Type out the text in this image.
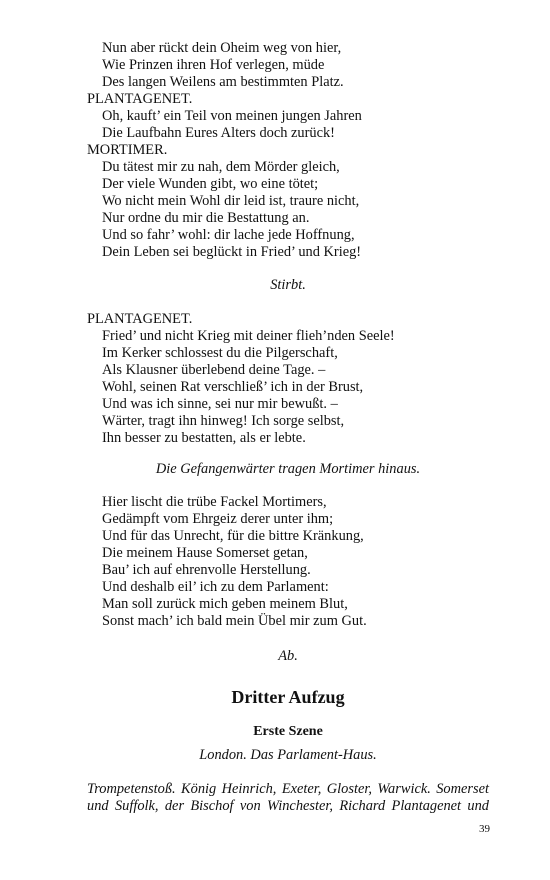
Nun aber rückt dein Oheim weg von hier,
Wie Prinzen ihren Hof verlegen, müde
Des langen Weilens am bestimmten Platz.
PLANTAGENET.
Oh, kauft’ ein Teil von meinen jungen Jahren
Die Laufbahn Eures Alters doch zurück!
MORTIMER.
Du tätest mir zu nah, dem Mörder gleich,
Der viele Wunden gibt, wo eine tötet;
Wo nicht mein Wohl dir leid ist, traure nicht,
Nur ordne du mir die Bestattung an.
Und so fahr’ wohl: dir lache jede Hoffnung,
Dein Leben sei beglückt in Fried’ und Krieg!
Stirbt.
PLANTAGENET.
Fried’ und nicht Krieg mit deiner flieh’nden Seele!
Im Kerker schlossest du die Pilgerschaft,
Als Klausner überlebend deine Tage. –
Wohl, seinen Rat verschließ’ ich in der Brust,
Und was ich sinne, sei nur mir bewußt. –
Wärter, tragt ihn hinweg! Ich sorge selbst,
Ihn besser zu bestatten, als er lebte.
Die Gefangenwärter tragen Mortimer hinaus.
Hier lischt die trübe Fackel Mortimers,
Gedämpft vom Ehrgeiz derer unter ihm;
Und für das Unrecht, für die bittre Kränkung,
Die meinem Hause Somerset getan,
Bau’ ich auf ehrenvolle Herstellung.
Und deshalb eil’ ich zu dem Parlament:
Man soll zurück mich geben meinem Blut,
Sonst mach’ ich bald mein Übel mir zum Gut.
Ab.
Dritter Aufzug
Erste Szene
London. Das Parlament-Haus.
Trompetenstoß. König Heinrich, Exeter, Gloster, Warwick. Somerset
und Suffolk, der Bischof von Winchester, Richard Plantagenet und
39
